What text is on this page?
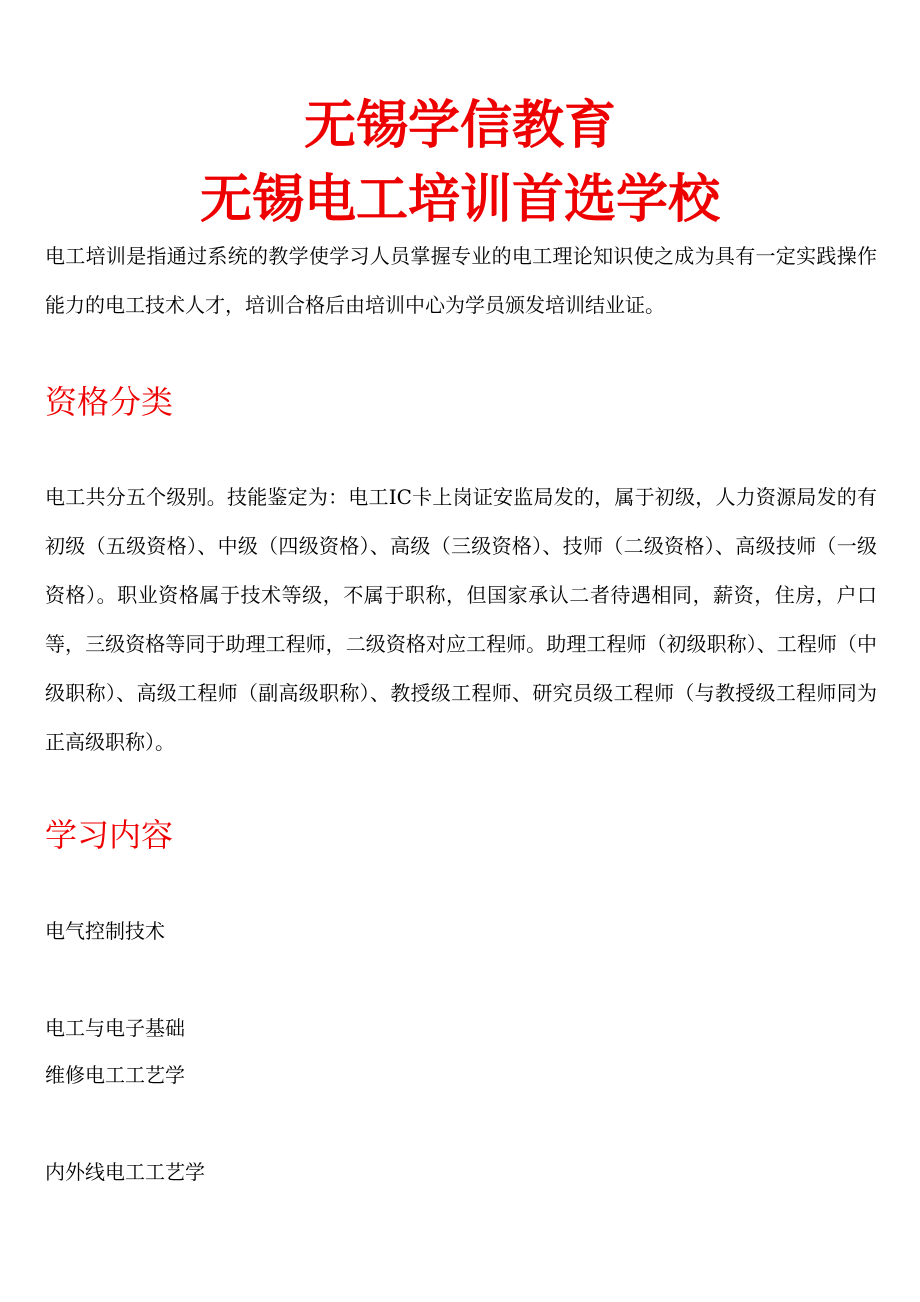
无锡学信教育
无锡电工培训首选学校
电工培训是指通过系统的教学使学习人员掌握专业的电工理论知识使之成为具有一定实践操作能力的电工技术人才，培训合格后由培训中心为学员颁发培训结业证。
资格分类
电工共分五个级别。技能鉴定为：电工IC卡上岗证安监局发的，属于初级，人力资源局发的有初级（五级资格）、中级（四级资格）、高级（三级资格）、技师（二级资格）、高级技师（一级资格）。职业资格属于技术等级，不属于职称，但国家承认二者待遇相同，薪资，住房，户口等，三级资格等同于助理工程师，二级资格对应工程师。助理工程师（初级职称）、工程师（中级职称）、高级工程师（副高级职称）、教授级工程师、研究员级工程师（与教授级工程师同为正高级职称）。
学习内容
电气控制技术
电工与电子基础
维修电工工艺学
内外线电工工艺学
